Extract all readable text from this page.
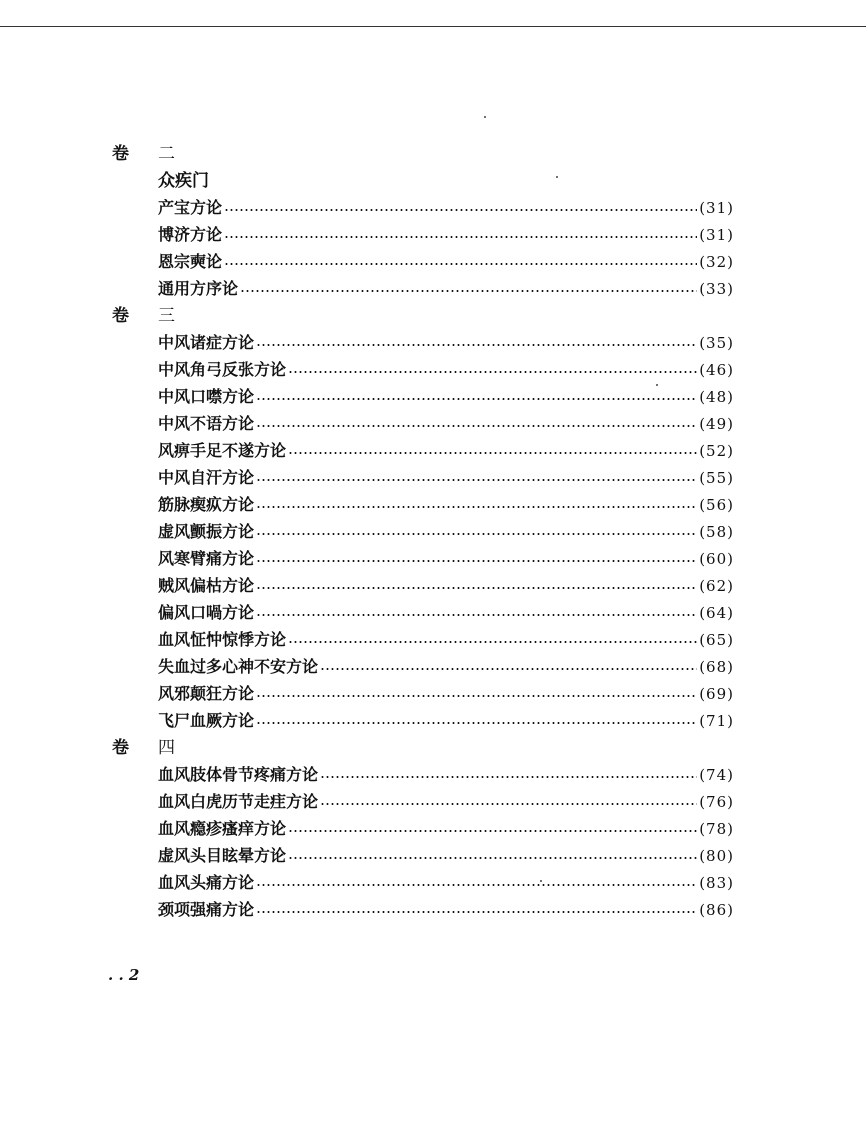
卷 二
众疾门
产宝方论	(31)
博济方论	(31)
恩宗奭论	(32)
通用方序论	(33)
卷 三
中风诸症方论	(35)
中风角弓反张方论	(46)
中风口噤方论	(48)
中风不语方论	(49)
风痹手足不遂方论	(52)
中风自汗方论	(55)
筋脉瘈疭方论	(56)
虚风颤振方论	(58)
风寒臂痛方论	(60)
贼风偏枯方论	(62)
偏风口喎方论	(64)
血风怔忡惊悸方论	(65)
失血过多心神不安方论	(68)
风邪颠狂方论	(69)
飞尸血厥方论	(71)
卷 四
血风肢体骨节疼痛方论	(74)
血风白虎历节走疰方论	(76)
血风瘾疹瘙痒方论	(78)
虚风头目眩晕方论	(80)
血风头痛方论	(83)
颈项强痛方论	(86)
. . 2
